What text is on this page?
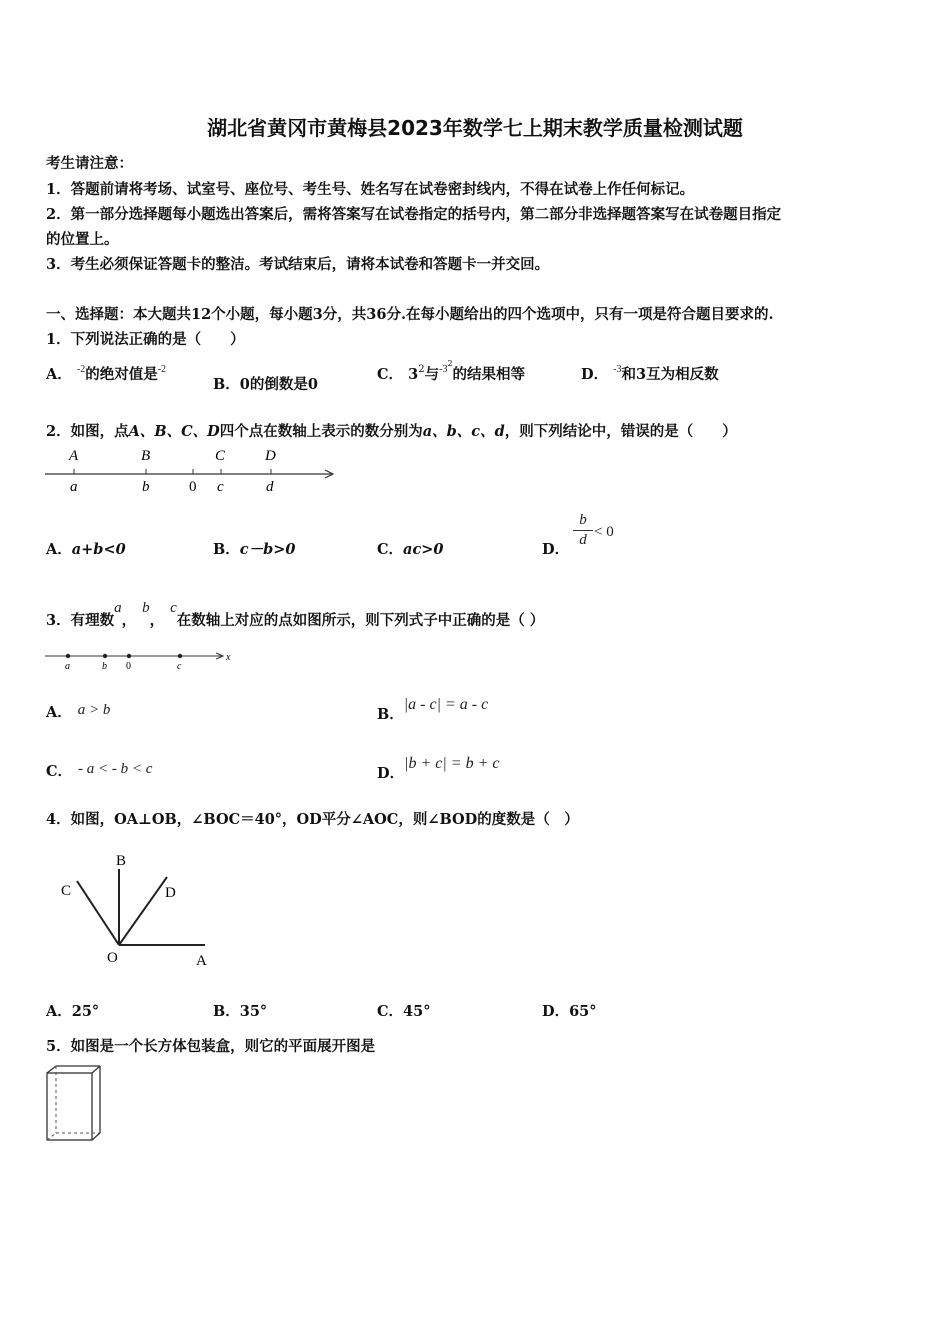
湖北省黄冈市黄梅县2023年数学七上期末教学质量检测试题
考生请注意：
1．答题前请将考场、试室号、座位号、考生号、姓名写在试卷密封线内，不得在试卷上作任何标记。
2．第一部分选择题每小题选出答案后，需将答案写在试卷指定的括号内，第二部分非选择题答案写在试卷题目指定
的位置上。
3．考生必须保证答题卡的整洁。考试结束后，请将本试卷和答题卡一并交回。
一、选择题：本大题共12个小题，每小题3分，共36分.在每小题给出的四个选项中，只有一项是符合题目要求的.
1．下列说法正确的是（　　）
A． $^{-2}$的绝对值是$^{-2}$
B．0的倒数是0
C． $3^2$与$^{-32}$的结果相等	D． $^{-3}$和3互为相反数
2．如图，点A、B、C、D四个点在数轴上表示的数分别为a、b、c、d，则下列结论中，错误的是（　　）
A	B	C	D
a	b	0 c	d
A．a+b<0	B．c－b>0	C．ac>0	D．
b
d < 0
3．有理数a，b，c在数轴上对应的点如图所示，则下列式子中正确的是（ ）
a	b 0	c
x
A． a > b	B．|a - c| = a - c
C． - a < - b < c	D．|b + c| = b + c
4．如图，OA⊥OB，∠BOC＝40°，OD平分∠AOC，则∠BOD的度数是（　）
B
C	D
O	A
A．25°	B．35°	C．45°	D．65°
5．如图是一个长方体包装盒，则它的平面展开图是
